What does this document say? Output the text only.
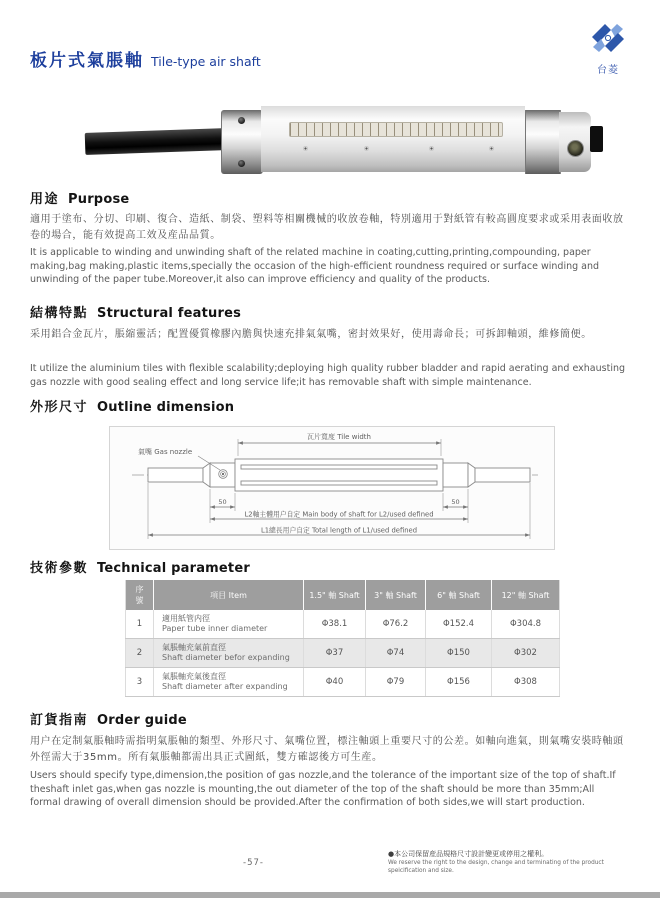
板片式氣脹軸 Tile-type air shaft
台菱
用途 Purpose
適用于塗布、分切、印刷、復合、造紙、制袋、塑料等相關機械的收放卷軸，特別適用于對紙管有較高圓度要求或采用表面收放卷的場合，能有效提高工效及産品品質。
It is applicable to winding and unwinding shaft of the related machine in coating,cutting,printing,compounding, paper making,bag making,plastic items,specially the occasion of the high-efficient roundness required or surface winding and unwinding of the paper tube.Moreover,it also can improve efficiency and quality of the products.
結構特點 Structural features
采用鋁合金瓦片，脹縮靈活；配置優質橡膠內膽與快速充排氣氣嘴，密封效果好，使用壽命長；可拆卸軸頭，維修簡便。
It utilize the aluminium tiles with flexible scalability;deploying high quality rubber bladder and rapid aerating and exhausting gas nozzle with good sealing effect and long service life;it has removable shaft with simple maintenance.
外形尺寸 Outline dimension
氣嘴 Gas nozzle
瓦片寬度 Tile width
50	50
L2軸主體用户自定 Main body of shaft for L2/used defined
L1總長用户自定 Total length of L1/used defined
技術參數 Technical parameter
序號	項目 Item	1.5" 軸 Shaft	3" 軸 Shaft	6" 軸 Shaft	12" 軸 Shaft
1	適用紙管内徑
Paper tube inner diameter	Φ38.1	Φ76.2	Φ152.4	Φ304.8
2	氣脹軸充氣前直徑
Shaft diameter befor expanding	Φ37	Φ74	Φ150	Φ302
3	氣脹軸充氣後直徑
Shaft diameter after expanding	Φ40	Φ79	Φ156	Φ308
訂貨指南 Order guide
用户在定制氣脹軸時需指明氣脹軸的類型、外形尺寸、氣嘴位置，標注軸頭上重要尺寸的公差。如軸向進氣，則氣嘴安裝時軸頭外徑需大于35mm。所有氣脹軸都需出具正式圖紙，雙方確認後方可生産。
Users should specify type,dimension,the position of gas nozzle,and the tolerance of the important size of the top of shaft.If theshaft inlet gas,when gas nozzle is mounting,the out diameter of the top of the shaft should be more than 35mm;All formal drawing of overall dimension should be provided.After the confirmation of both sides,we will start production.
-57-
●本公司保留産品規格尺寸設計變更或停用之權利。
We reserve the right to the design, change and terminating of the product speicification and size.
